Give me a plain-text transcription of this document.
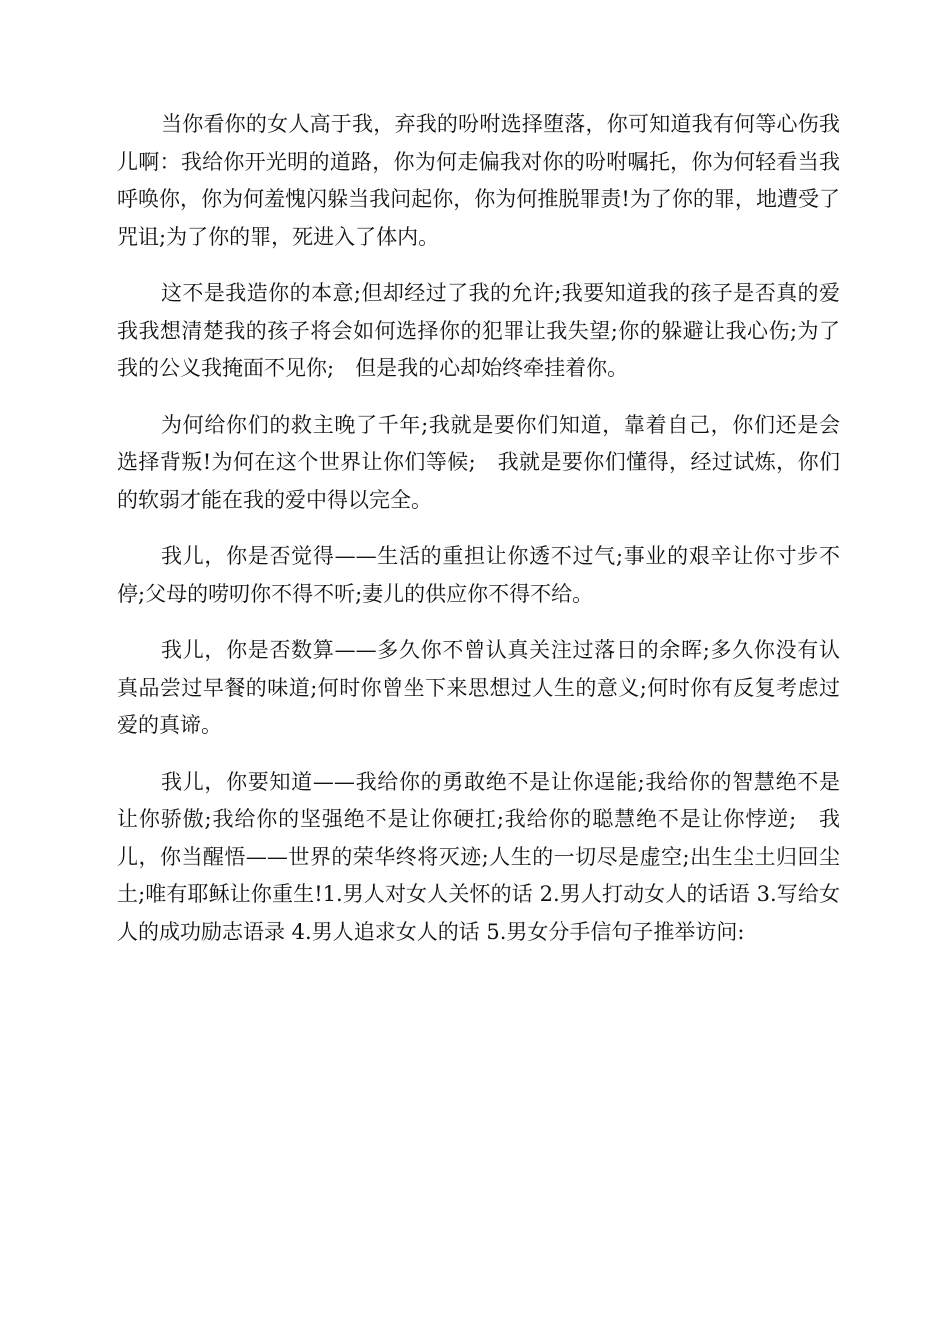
当你看你的女人高于我，弃我的吩咐选择堕落，你可知道我有何等心伤我儿啊：我给你开光明的道路，你为何走偏我对你的吩咐嘱托，你为何轻看当我呼唤你，你为何羞愧闪躲当我问起你，你为何推脱罪责!为了你的罪，地遭受了咒诅;为了你的罪，死进入了体内。

这不是我造你的本意;但却经过了我的允许;我要知道我的孩子是否真的爱我我想清楚我的孩子将会如何选择你的犯罪让我失望;你的躲避让我心伤;为了我的公义我掩面不见你;　但是我的心却始终牵挂着你。

为何给你们的救主晚了千年;我就是要你们知道，靠着自己，你们还是会选择背叛!为何在这个世界让你们等候;　我就是要你们懂得，经过试炼，你们的软弱才能在我的爱中得以完全。

我儿，你是否觉得——生活的重担让你透不过气;事业的艰辛让你寸步不停;父母的唠叨你不得不听;妻儿的供应你不得不给。

我儿，你是否数算——多久你不曾认真关注过落日的余晖;多久你没有认真品尝过早餐的味道;何时你曾坐下来思想过人生的意义;何时你有反复考虑过爱的真谛。

我儿，你要知道——我给你的勇敢绝不是让你逞能;我给你的智慧绝不是让你骄傲;我给你的坚强绝不是让你硬扛;我给你的聪慧绝不是让你悖逆;　我儿，你当醒悟——世界的荣华终将灭迹;人生的一切尽是虚空;出生尘土归回尘土;唯有耶稣让你重生!1.男人对女人关怀的话 2.男人打动女人的话语 3.写给女人的成功励志语录 4.男人追求女人的话 5.男女分手信句子推举访问:
